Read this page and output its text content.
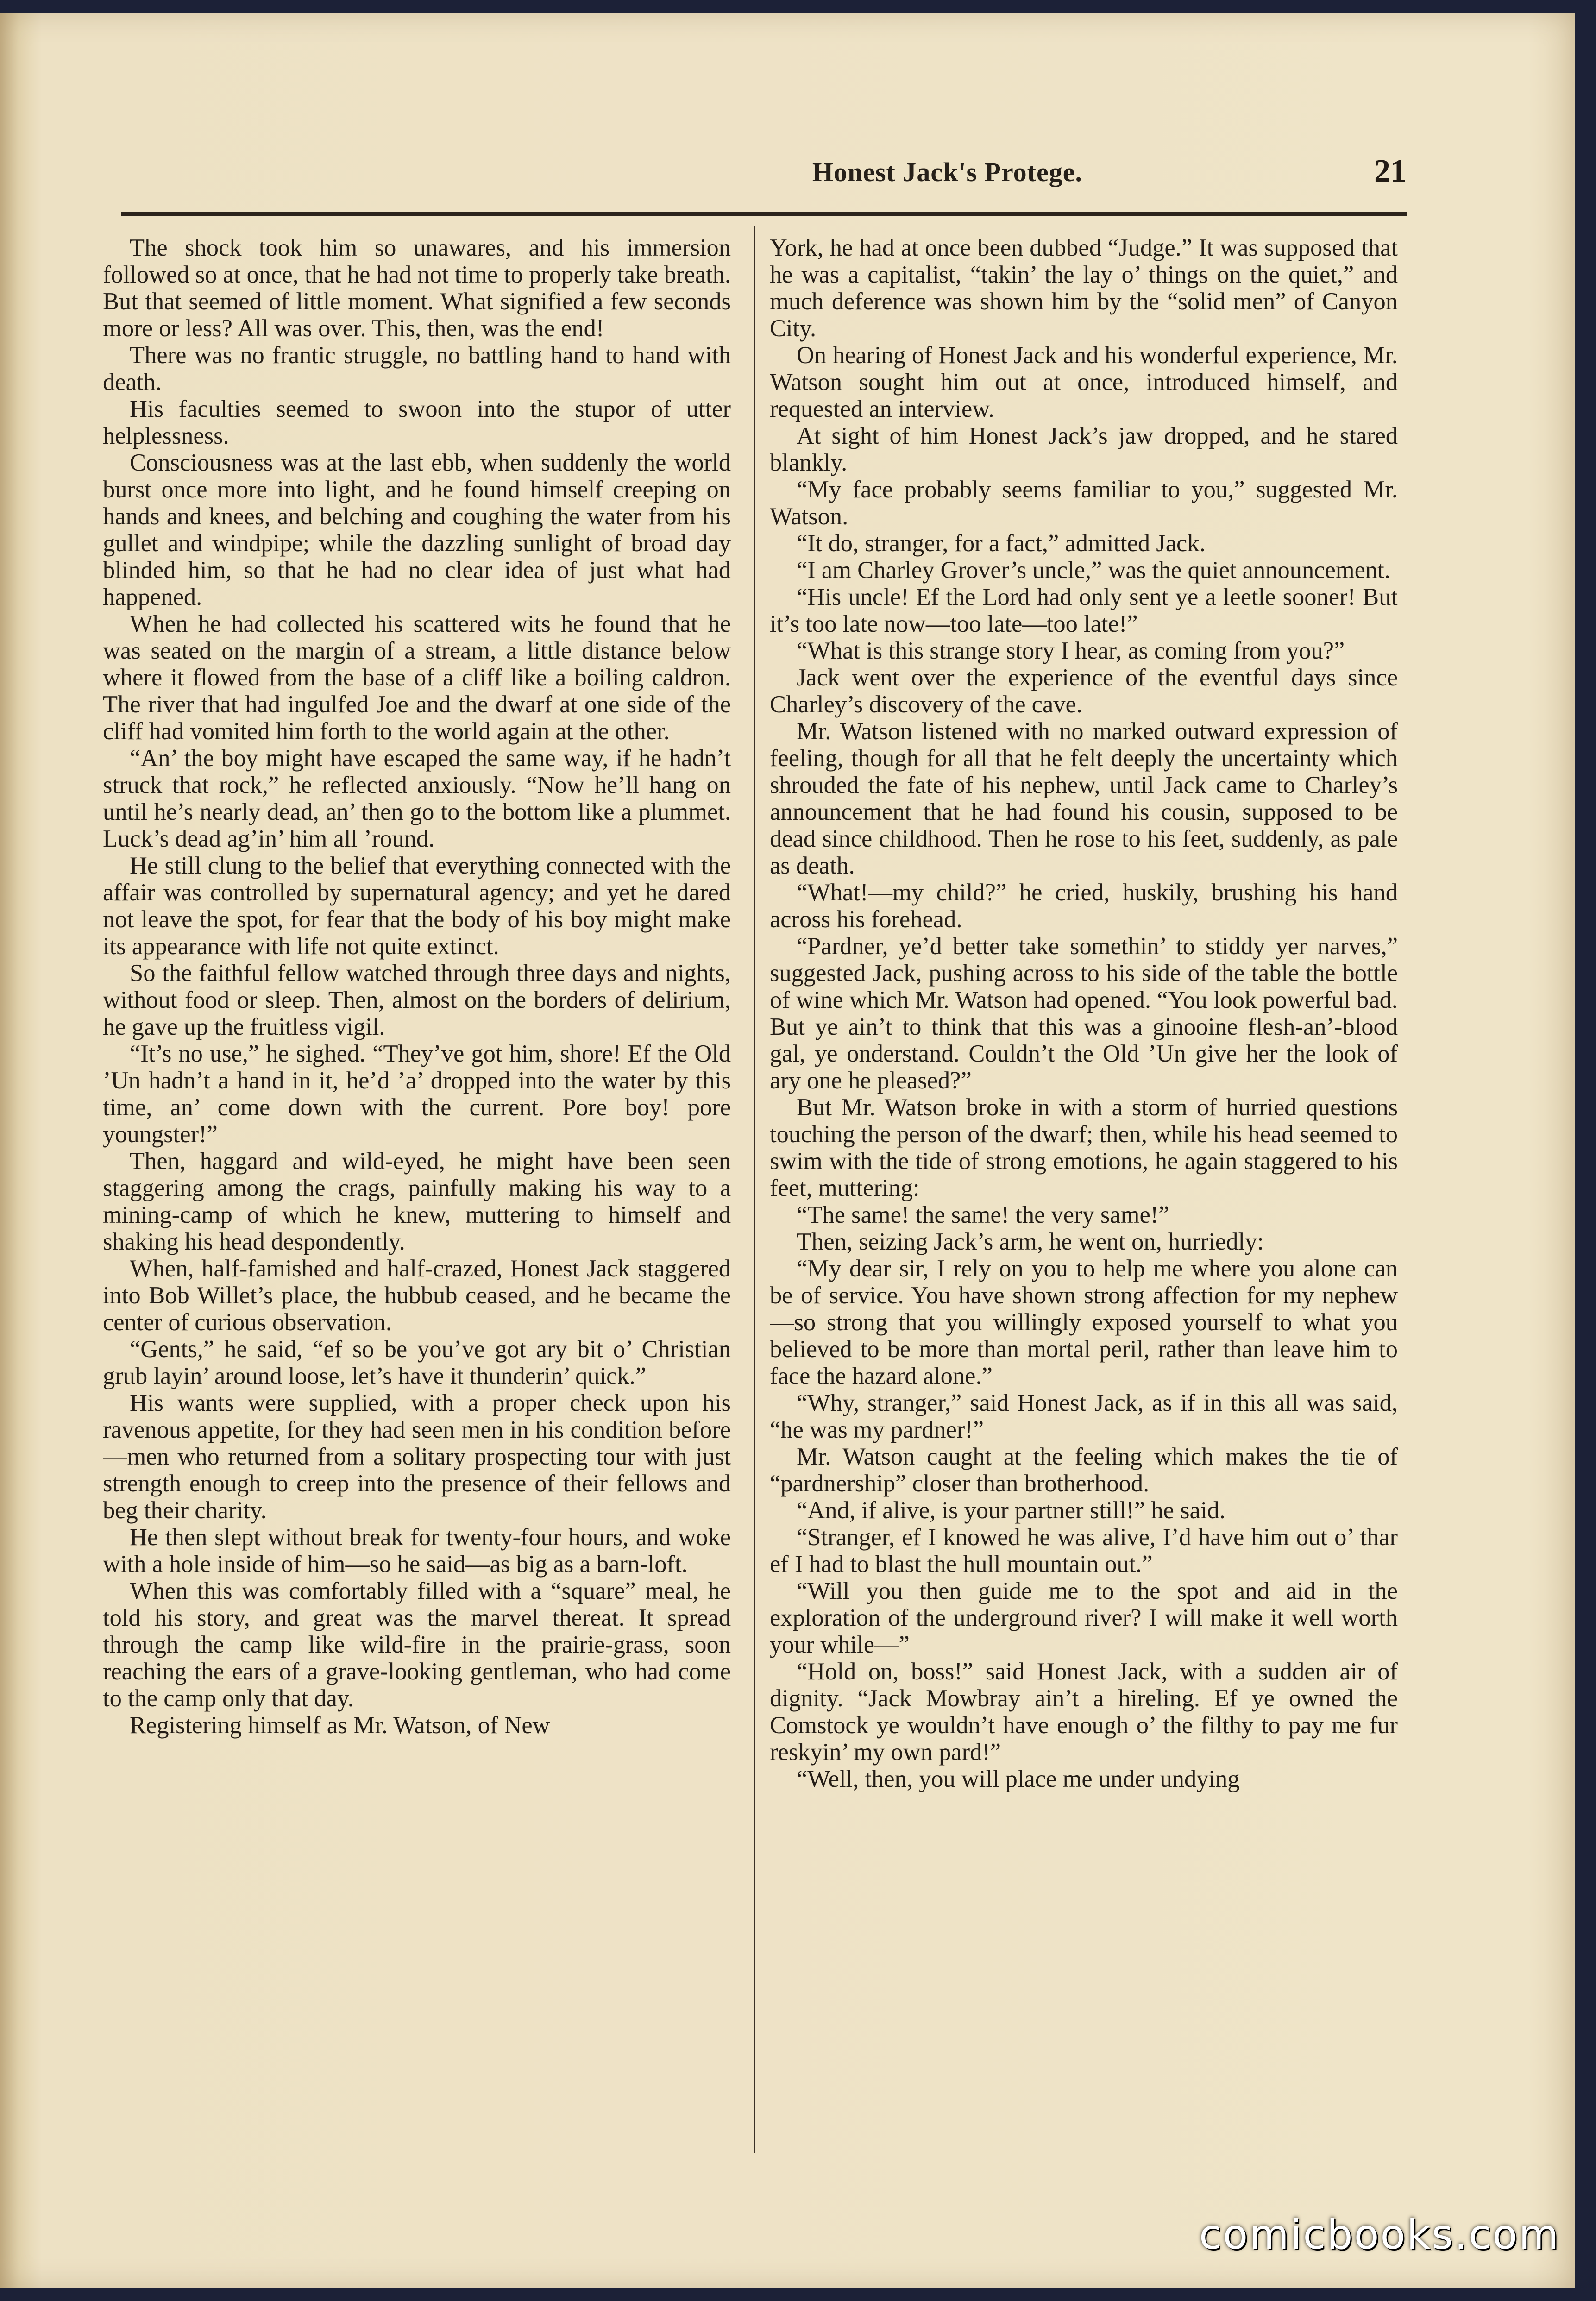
Honest Jack's Protege.	21

The shock took him so unawares, and his immersion followed so at once, that he had not time to properly take breath. But that seemed of little moment. What signified a few seconds more or less? All was over. This, then, was the end!

There was no frantic struggle, no battling hand to hand with death.

His faculties seemed to swoon into the stupor of utter helplessness.

Consciousness was at the last ebb, when suddenly the world burst once more into light, and he found himself creeping on hands and knees, and belching and coughing the water from his gullet and windpipe; while the dazzling sunlight of broad day blinded him, so that he had no clear idea of just what had happened.

When he had collected his scattered wits he found that he was seated on the margin of a stream, a little distance below where it flowed from the base of a cliff like a boiling caldron. The river that had ingulfed Joe and the dwarf at one side of the cliff had vomited him forth to the world again at the other.

“An’ the boy might have escaped the same way, if he hadn’t struck that rock,” he reflected anxiously. “Now he’ll hang on until he’s nearly dead, an’ then go to the bottom like a plummet. Luck’s dead ag’in’ him all ’round.

He still clung to the belief that everything connected with the affair was controlled by supernatural agency; and yet he dared not leave the spot, for fear that the body of his boy might make its appearance with life not quite extinct.

So the faithful fellow watched through three days and nights, without food or sleep. Then, almost on the borders of delirium, he gave up the fruitless vigil.

“It’s no use,” he sighed. “They’ve got him, shore! Ef the Old ’Un hadn’t a hand in it, he’d ’a’ dropped into the water by this time, an’ come down with the current. Pore boy! pore youngster!”

Then, haggard and wild-eyed, he might have been seen staggering among the crags, painfully making his way to a mining-camp of which he knew, muttering to himself and shaking his head despondently.

When, half-famished and half-crazed, Honest Jack staggered into Bob Willet’s place, the hubbub ceased, and he became the center of curious observation.

“Gents,” he said, “ef so be you’ve got ary bit o’ Christian grub layin’ around loose, let’s have it thunderin’ quick.”

His wants were supplied, with a proper check upon his ravenous appetite, for they had seen men in his condition before—men who returned from a solitary prospecting tour with just strength enough to creep into the presence of their fellows and beg their charity.

He then slept without break for twenty-four hours, and woke with a hole inside of him—so he said—as big as a barn-loft.

When this was comfortably filled with a “square” meal, he told his story, and great was the marvel thereat. It spread through the camp like wild-fire in the prairie-grass, soon reaching the ears of a grave-looking gentleman, who had come to the camp only that day.

Registering himself as Mr. Watson, of New

York, he had at once been dubbed “Judge.” It was supposed that he was a capitalist, “takin’ the lay o’ things on the quiet,” and much deference was shown him by the “solid men” of Canyon City.

On hearing of Honest Jack and his wonderful experience, Mr. Watson sought him out at once, introduced himself, and requested an interview.

At sight of him Honest Jack’s jaw dropped, and he stared blankly.

“My face probably seems familiar to you,” suggested Mr. Watson.

“It do, stranger, for a fact,” admitted Jack.

“I am Charley Grover’s uncle,” was the quiet announcement.

“His uncle! Ef the Lord had only sent ye a leetle sooner! But it’s too late now—too late—too late!”

“What is this strange story I hear, as coming from you?”

Jack went over the experience of the eventful days since Charley’s discovery of the cave.

Mr. Watson listened with no marked outward expression of feeling, though for all that he felt deeply the uncertainty which shrouded the fate of his nephew, until Jack came to Charley’s announcement that he had found his cousin, supposed to be dead since childhood. Then he rose to his feet, suddenly, as pale as death.

“What!—my child?” he cried, huskily, brushing his hand across his forehead.

“Pardner, ye’d better take somethin’ to stiddy yer narves,” suggested Jack, pushing across to his side of the table the bottle of wine which Mr. Watson had opened. “You look powerful bad. But ye ain’t to think that this was a ginooine flesh-an’-blood gal, ye onderstand. Couldn’t the Old ’Un give her the look of ary one he pleased?”

But Mr. Watson broke in with a storm of hurried questions touching the person of the dwarf; then, while his head seemed to swim with the tide of strong emotions, he again staggered to his feet, muttering:

“The same! the same! the very same!”

Then, seizing Jack’s arm, he went on, hurriedly:

“My dear sir, I rely on you to help me where you alone can be of service. You have shown strong affection for my nephew—so strong that you willingly exposed yourself to what you believed to be more than mortal peril, rather than leave him to face the hazard alone.”

“Why, stranger,” said Honest Jack, as if in this all was said, “he was my pardner!”

Mr. Watson caught at the feeling which makes the tie of “pardnership” closer than brotherhood.

“And, if alive, is your partner still!” he said.

“Stranger, ef I knowed he was alive, I’d have him out o’ thar ef I had to blast the hull mountain out.”

“Will you then guide me to the spot and aid in the exploration of the underground river? I will make it well worth your while—”

“Hold on, boss!” said Honest Jack, with a sudden air of dignity. “Jack Mowbray ain’t a hireling. Ef ye owned the Comstock ye wouldn’t have enough o’ the filthy to pay me fur reskyin’ my own pard!”

“Well, then, you will place me under undying

comicbooks.com
